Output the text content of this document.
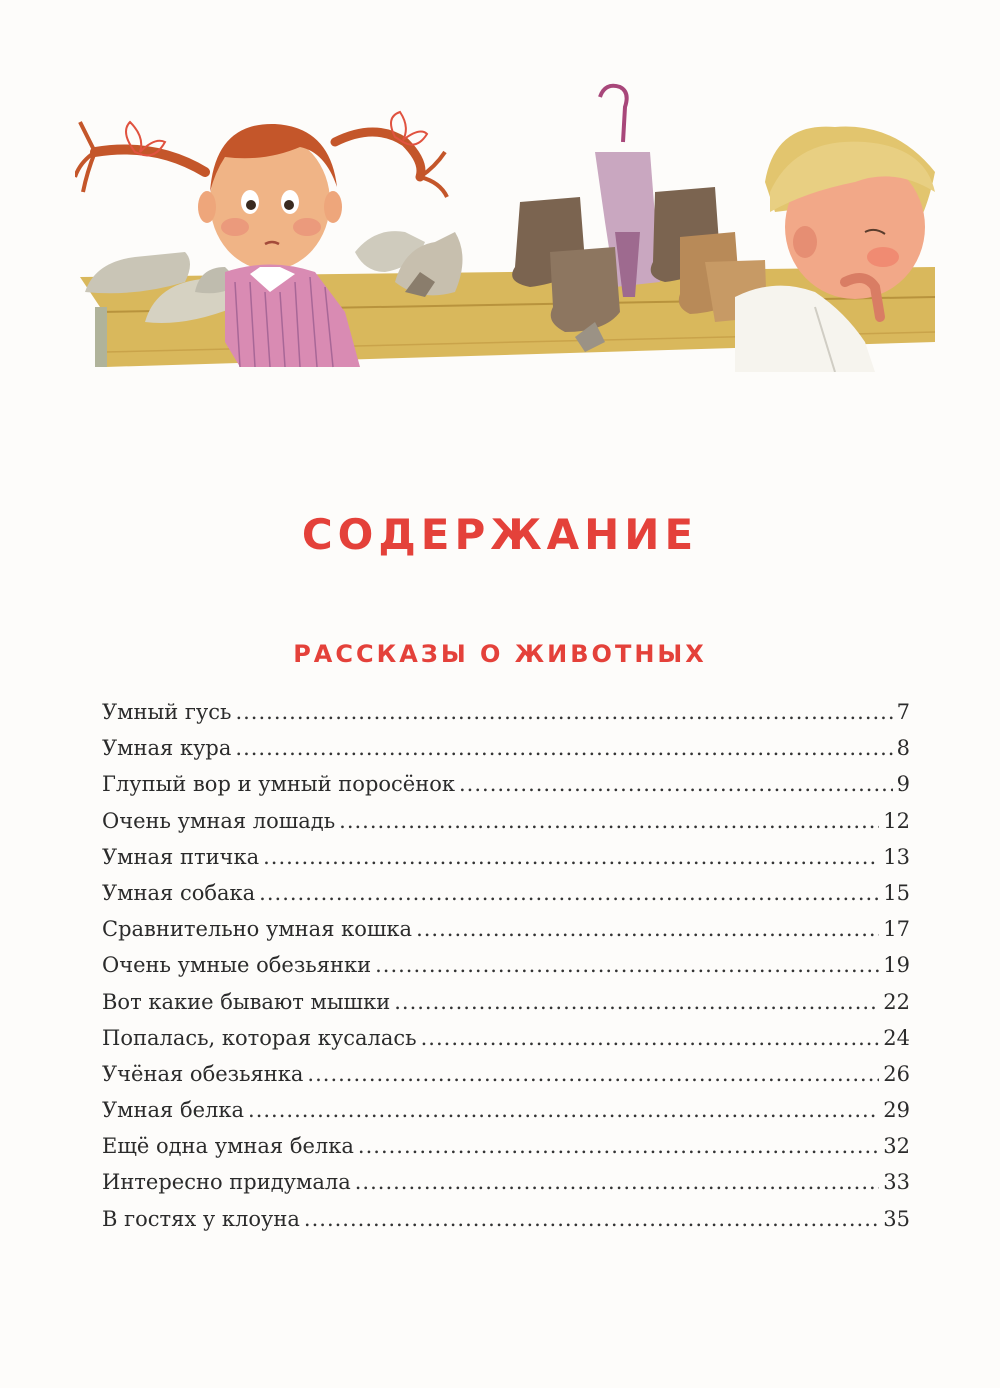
СОДЕРЖАНИЕ
РАССКАЗЫ О ЖИВОТНЫХ
Умный гусь .....	7
Умная кура .....	8
Глупый вор и умный поросёнок .....	9
Очень умная лошадь .....	12
Умная птичка .....	13
Умная собака .....	15
Сравнительно умная кошка .....	17
Очень умные обезьянки .....	19
Вот какие бывают мышки .....	22
Попалась, которая кусалась .....	24
Учёная обезьянка .....	26
Умная белка .....	29
Ещё одна умная белка .....	32
Интересно придумала .....	33
В гостях у клоуна .....	35
